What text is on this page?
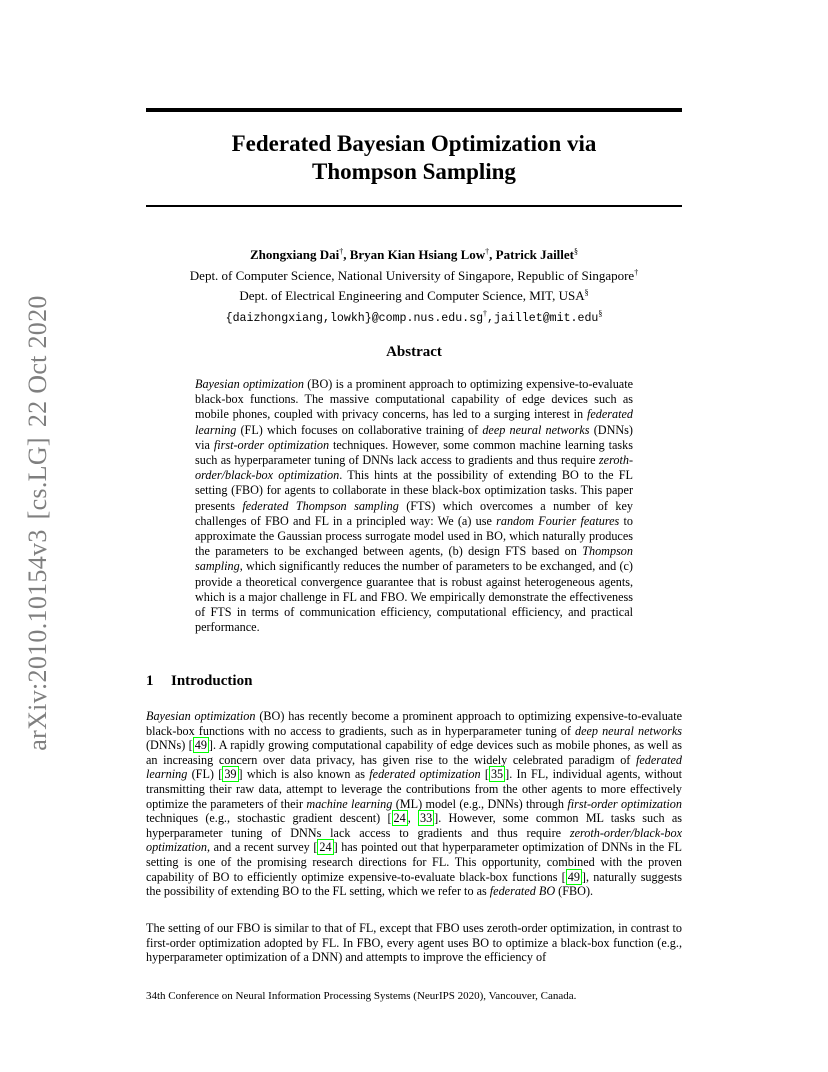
arXiv:2010.10154v3[cs.LG]22 Oct 2020
Federated Bayesian Optimization via
Thompson Sampling
Zhongxiang Dai†, Bryan Kian Hsiang Low†, Patrick Jaillet§
Dept. of Computer Science, National University of Singapore, Republic of Singapore†
Dept. of Electrical Engineering and Computer Science, MIT, USA§
{daizhongxiang,lowkh}@comp.nus.edu.sg†,jaillet@mit.edu§
Abstract

Bayesian optimization (BO) is a prominent approach to optimizing expensive-to-evaluate black-box functions. The massive computational capability of edge devices such as mobile phones, coupled with privacy concerns, has led to a surging interest in federated learning (FL) which focuses on collaborative training of deep neural networks (DNNs) via first-order optimization techniques. However, some common machine learning tasks such as hyperparameter tuning of DNNs lack access to gradients and thus require zeroth-order/black-box optimization. This hints at the possibility of extending BO to the FL setting (FBO) for agents to collaborate in these black-box optimization tasks. This paper presents federated Thompson sampling (FTS) which overcomes a number of key challenges of FBO and FL in a principled way: We (a) use random Fourier features to approximate the Gaussian process surrogate model used in BO, which naturally produces the parameters to be exchanged between agents, (b) design FTS based on Thompson sampling, which significantly reduces the number of parameters to be exchanged, and (c) provide a theoretical convergence guarantee that is robust against heterogeneous agents, which is a major challenge in FL and FBO. We empirically demonstrate the effectiveness of FTS in terms of communication efficiency, computational efficiency, and practical performance.

1 Introduction

Bayesian optimization (BO) has recently become a prominent approach to optimizing expensive-to-evaluate black-box functions with no access to gradients, such as in hyperparameter tuning of deep neural networks (DNNs) [ 49 ]. A rapidly growing computational capability of edge devices such as mobile phones, as well as an increasing concern over data privacy, has given rise to the widely celebrated paradigm of federated learning (FL) [ 39 ] which is also known as federated optimization [ 35 ]. In FL, individual agents, without transmitting their raw data, attempt to leverage the contributions from the other agents to more effectively optimize the parameters of their machine learning (ML) model (e.g., DNNs) through first-order optimization techniques (e.g., stochastic gradient descent) [ 24 , 33 ]. However, some common ML tasks such as hyperparameter tuning of DNNs lack access to gradients and thus require zeroth-order/black-box optimization, and a recent survey [ 24 ] has pointed out that hyperparameter optimization of DNNs in the FL setting is one of the promising research directions for FL. This opportunity, combined with the proven capability of BO to efficiently optimize expensive-to-evaluate black-box functions [ 49 ], naturally suggests the possibility of extending BO to the FL setting, which we refer to as federated BO (FBO).

The setting of our FBO is similar to that of FL, except that FBO uses zeroth-order optimization, in contrast to first-order optimization adopted by FL. In FBO, every agent uses BO to optimize a black-box function (e.g., hyperparameter optimization of a DNN) and attempts to improve the efficiency of

34th Conference on Neural Information Processing Systems (NeurIPS 2020), Vancouver, Canada.
